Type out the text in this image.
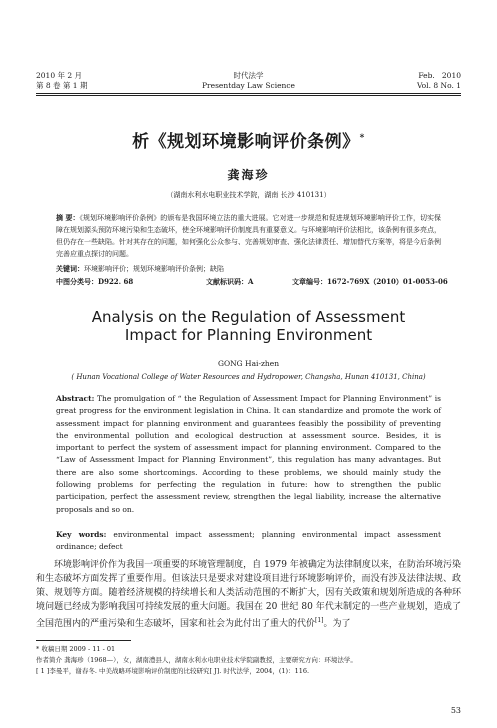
2010 年 2 月
第 8 卷 第 1 期
时代法学
Presentday Law Science
Feb.   2010
Vol. 8 No. 1
析《规划环境影响评价条例》*
龚海珍
（湖南水利水电职业技术学院，湖南 长沙 410131）
摘 要：《规划环境影响评价条例》的颁布是我国环境立法的重大进展。它对进一步规范和促进规划环境影响评价工作，切实保障在规划源头预防环境污染和生态破坏，使全环境影响评价制度具有重要意义。与环境影响评价法相比，该条例有很多亮点，但仍存在一些缺陷。针对其存在的问题，如何强化公众参与、完善规划审查、强化法律责任、增加替代方案等，将是今后条例完善应重点探讨的问题。
关键词：环境影响评价；规划环境影响评价条例；缺陷
中图分类号：D922. 68	文献标识码：A	文章编号：1672-769X（2010）01-0053-06
Analysis on the Regulation of Assessment
Impact for Planning Environment
GONG Hai-zhen
( Hunan Vocational College of Water Resources and Hydropower, Changsha, Hunan 410131, China)
Abstract: The promulgation of “ the Regulation of Assessment Impact for Planning Environment” is great progress for the environment legislation in China. It can standardize and promote the work of assessment impact for planning environment and guarantees feasibly the possibility of preventing the environmental pollution and ecological destruction at assessment source. Besides, it is important to perfect the system of assessment impact for planning environment. Compared to the “Law of Assessment Impact for Planning Environment”, this regulation has many advantages. But there are also some shortcomings. According to these problems, we should mainly study the following problems for perfecting the regulation in future: how to strengthen the public participation, perfect the assessment review, strengthen the legal liability, increase the alternative proposals and so on.
Key words: environmental impact assessment; planning environmental impact assessment ordinance; defect
环境影响评价作为我国一项重要的环境管理制度，自 1979 年被确定为法律制度以来，在防治环境污染和生态破坏方面发挥了重要作用。但该法只是要求对建设项目进行环境影响评价，而没有涉及法律法规、政策、规划等方面。随着经济规模的持续增长和人类活动范围的不断扩大，因有关政策和规划所造成的各种环境问题已经成为影响我国可持续发展的重大问题。我国在 20 世纪 80 年代末制定的一些产业规划，造成了全国范围内的严重污染和生态破坏，国家和社会为此付出了重大的代价[1]。为了
* 收稿日期 2009 - 11 - 01
作者简介 龚海珍（1968—），女，湖南澧县人，湖南水利水电职业技术学院副教授，主要研究方向：环境法学。
[ 1 ]李曼平，谢春冬. 中美战略环境影响评价制度的比较研究[ J]. 时代法学，2004，(1)：116.
53
